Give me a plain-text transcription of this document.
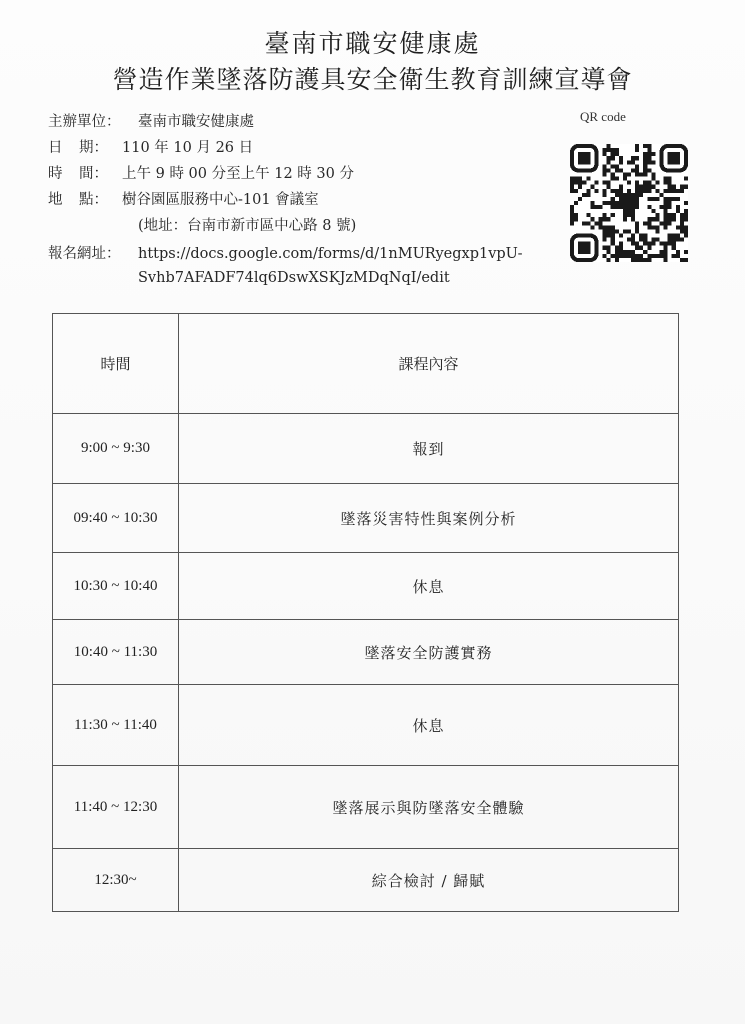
臺南市職安健康處
營造作業墜落防護具安全衛生教育訓練宣導會
主辦單位： 臺南市職安健康處
日 期： 110 年 10 月 26 日
時 間： 上午 9 時 00 分至上午 12 時 30 分
地 點： 樹谷園區服務中心-101 會議室
(地址：台南市新市區中心路 8 號)
報名網址： https://docs.google.com/forms/d/1nMURyegxp1vpU-
Svhb7AFADF74lq6DswXSKJzMDqNqI/edit
QR code
時間	課程內容
9:00 ~ 9:30	報到
09:40 ~ 10:30	墜落災害特性與案例分析
10:30 ~ 10:40	休息
10:40 ~ 11:30	墜落安全防護實務
11:30 ~ 11:40	休息
11:40 ~ 12:30	墜落展示與防墜落安全體驗
12:30~	綜合檢討 / 歸賦
